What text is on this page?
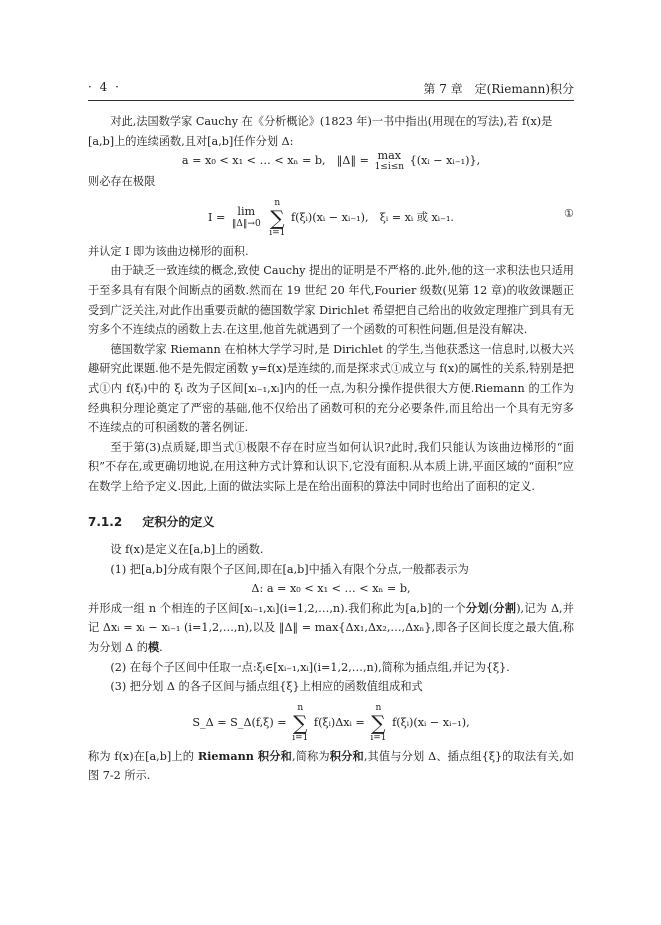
· 4 ·	第 7 章　定(Riemann)积分

对此,法国数学家 Cauchy 在《分析概论》(1823 年)一书中指出(用现在的写法),若 f(x)是

[a,b]上的连续函数,且对[a,b]任作分划 Δ:

a = x₀ < x₁ < … < xₙ = b,　‖Δ‖ = max
1≤i≤n {(xᵢ − xᵢ₋₁)},

则必存在极限

I = lim
‖Δ‖→0 n
∑
i=1 f(ξᵢ)(xᵢ − xᵢ₋₁),　ξᵢ = xᵢ 或 xᵢ₋₁.	①

并认定 I 即为该曲边梯形的面积.

由于缺乏一致连续的概念,致使 Cauchy 提出的证明是不严格的.此外,他的这一求积法也只适用于至多具有有限个间断点的函数.然而在 19 世纪 20 年代,Fourier 级数(见第 12 章)的收敛课题正受到广泛关注,对此作出重要贡献的德国数学家 Dirichlet 希望把自己给出的收敛定理推广到具有无穷多个不连续点的函数上去.在这里,他首先就遇到了一个函数的可积性问题,但是没有解决.

德国数学家 Riemann 在柏林大学学习时,是 Dirichlet 的学生,当他获悉这一信息时,以极大兴趣研究此课题.他不是先假定函数 y=f(x)是连续的,而是探求式①成立与 f(x)的属性的关系,特别是把式①内 f(ξᵢ)中的 ξᵢ 改为子区间[xᵢ₋₁,xᵢ]内的任一点,为积分操作提供很大方便.Riemann 的工作为经典积分理论奠定了严密的基础,他不仅给出了函数可积的充分必要条件,而且给出一个具有无穷多不连续点的可积函数的著名例证.

至于第(3)点质疑,即当式①极限不存在时应当如何认识?此时,我们只能认为该曲边梯形的“面积”不存在,或更确切地说,在用这种方式计算和认识下,它没有面积.从本质上讲,平面区域的“面积”应在数学上给予定义.因此,上面的做法实际上是在给出面积的算法中同时也给出了面积的定义.

7.1.2 定积分的定义

设 f(x)是定义在[a,b]上的函数.

(1) 把[a,b]分成有限个子区间,即在[a,b]中插入有限个分点,一般都表示为

Δ: a = x₀ < x₁ < … < xₙ = b,

并形成一组 n 个相连的子区间[xᵢ₋₁,xᵢ](i=1,2,…,n).我们称此为[a,b]的一个分划(分割),记为 Δ,并记 Δxᵢ = xᵢ − xᵢ₋₁ (i=1,2,…,n),以及 ‖Δ‖ = max{Δx₁,Δx₂,…,Δxₙ},即各子区间长度之最大值,称为分划 Δ 的模.

(2) 在每个子区间中任取一点:ξᵢ∈[xᵢ₋₁,xᵢ](i=1,2,…,n),简称为插点组,并记为{ξ}.

(3) 把分划 Δ 的各子区间与插点组{ξ}上相应的函数值组成和式

S_Δ = S_Δ(f,ξ) = n
∑
i=1 f(ξᵢ)Δxᵢ = n
∑
i=1 f(ξᵢ)(xᵢ − xᵢ₋₁),

称为 f(x)在[a,b]上的 Riemann 积分和,简称为积分和,其值与分划 Δ、插点组{ξ}的取法有关,如图 7-2 所示.
